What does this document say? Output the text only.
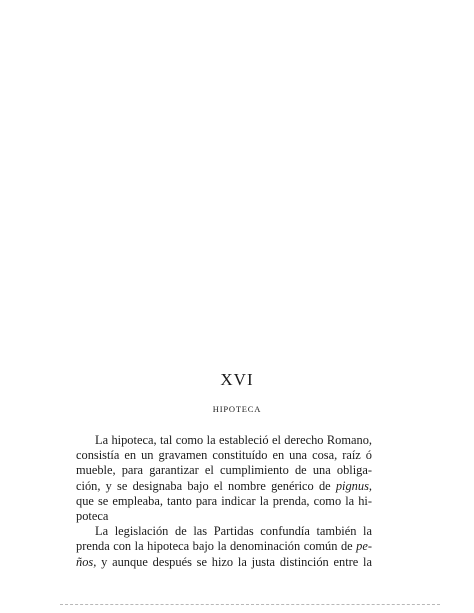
XVI
HIPOTECA
La hipoteca, tal como la estableció el derecho Romano,
consistía en un gravamen constituído en una cosa, raíz ó
mueble, para garantizar el cumplimiento de una obliga-
ción, y se designaba bajo el nombre genérico de pignus,
que se empleaba, tanto para indicar la prenda, como la hi-
poteca
La legislación de las Partidas confundía también la
prenda con la hipoteca bajo la denominación común de pe-
ños, y aunque después se hizo la justa distinción entre la
